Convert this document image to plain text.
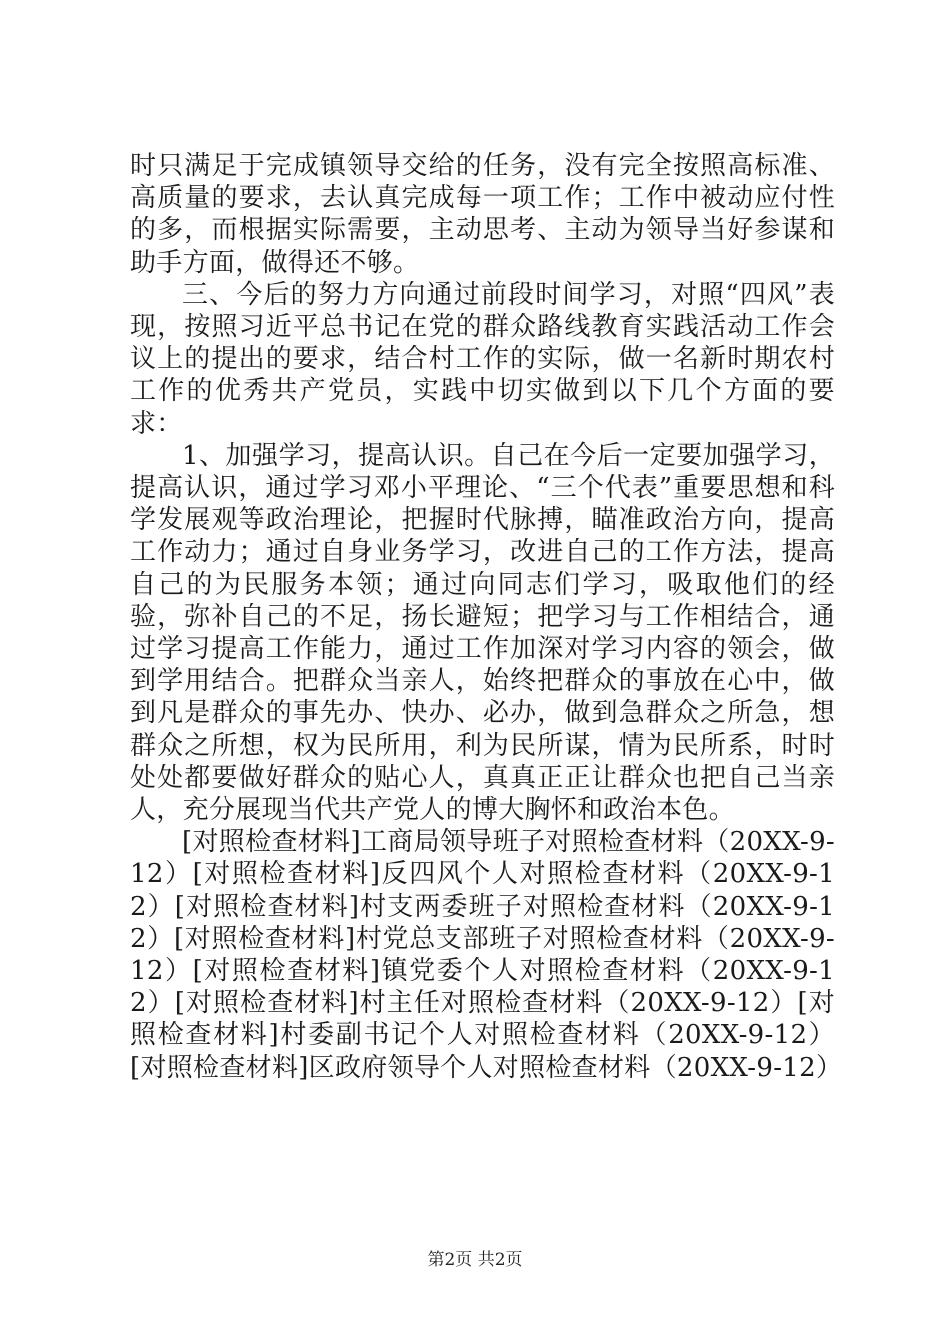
时只满足于完成镇领导交给的任务，没有完全按照高标准、高质量的要求，去认真完成每一项工作；工作中被动应付性的多，而根据实际需要，主动思考、主动为领导当好参谋和助手方面，做得还不够。

三、今后的努力方向通过前段时间学习，对照“四风”表现，按照习近平总书记在党的群众路线教育实践活动工作会议上的提出的要求，结合村工作的实际，做一名新时期农村工作的优秀共产党员，实践中切实做到以下几个方面的要求：

1、加强学习，提高认识。自己在今后一定要加强学习，提高认识，通过学习邓小平理论、“三个代表”重要思想和科学发展观等政治理论，把握时代脉搏，瞄准政治方向，提高工作动力；通过自身业务学习，改进自己的工作方法，提高自己的为民服务本领；通过向同志们学习，吸取他们的经验，弥补自己的不足，扬长避短；把学习与工作相结合，通过学习提高工作能力，通过工作加深对学习内容的领会，做到学用结合。把群众当亲人，始终把群众的事放在心中，做到凡是群众的事先办、快办、必办，做到急群众之所急，想群众之所想，权为民所用，利为民所谋，情为民所系，时时处处都要做好群众的贴心人，真真正正让群众也把自己当亲人，充分展现当代共产党人的博大胸怀和政治本色。

[对照检查材料]工商局领导班子对照检查材料（20XX-9-12）[对照检查材料]反四风个人对照检查材料（20XX-9-12）[对照检查材料]村支两委班子对照检查材料（20XX-9-12）[对照检查材料]村党总支部班子对照检查材料（20XX-9-12）[对照检查材料]镇党委个人对照检查材料（20XX-9-12）[对照检查材料]村主任对照检查材料（20XX-9-12）[对照检查材料]村委副书记个人对照检查材料（20XX-9-12）[对照检查材料]区政府领导个人对照检查材料（20XX-9-12）

第2页 共2页
